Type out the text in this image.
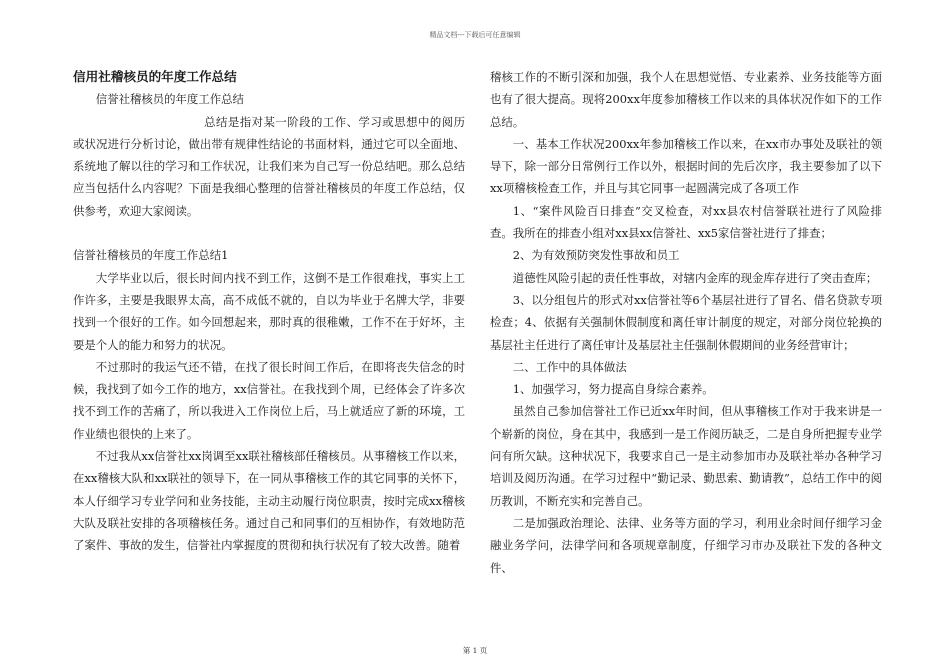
精品文档---下载后可任意编辑

信用社稽核员的年度工作总结

信誉社稽核员的年度工作总结

总结是指对某一阶段的工作、学习或思想中的阅历或状况进行分析讨论，做出带有规律性结论的书面材料，通过它可以全面地、系统地了解以往的学习和工作状况，让我们来为自己写一份总结吧。那么总结应当包括什么内容呢？下面是我细心整理的信誉社稽核员的年度工作总结，仅供参考，欢迎大家阅读。

信誉社稽核员的年度工作总结1

大学毕业以后，很长时间内找不到工作，这倒不是工作很难找，事实上工作许多，主要是我眼界太高，高不成低不就的，自以为毕业于名牌大学，非要找到一个很好的工作。如今回想起来，那时真的很稚嫩，工作不在于好坏，主要是个人的能力和努力的状况。

不过那时的我运气还不错，在找了很长时间工作后，在即将丧失信念的时候，我找到了如今工作的地方，xx信誉社。在我找到个周，已经体会了许多次找不到工作的苦痛了，所以我进入工作岗位上后，马上就适应了新的环境，工作业绩也很快的上来了。

不过我从xx信誉社xx岗调至xx联社稽核部任稽核员。从事稽核工作以来，在xx稽核大队和xx联社的领导下，在一同从事稽核工作的其它同事的关怀下，本人仔细学习专业学问和业务技能，主动主动履行岗位职责，按时完成xx稽核大队及联社安排的各项稽核任务。通过自己和同事们的互相协作，有效地防范了案件、事故的发生，信誉社内掌握度的贯彻和执行状况有了较大改善。随着

稽核工作的不断引深和加强，我个人在思想觉悟、专业素养、业务技能等方面也有了很大提高。现将200xx年度参加稽核工作以来的具体状况作如下的工作总结。

一、基本工作状况200xx年参加稽核工作以来，在xx市办事处及联社的领导下，除一部分日常例行工作以外，根据时间的先后次序，我主要参加了以下xx项稽核检查工作，并且与其它同事一起圆满完成了各项工作

1、“案件风险百日排查”交叉检查，对xx县农村信誉联社进行了风险排查。我所在的排查小组对xx县xx信誉社、xx5家信誉社进行了排查；

2、为有效预防突发性事故和员工

道德性风险引起的责任性事故，对辖内金库的现金库存进行了突击查库；

3、以分组包片的形式对xx信誉社等6个基层社进行了冒名、借名贷款专项检查；4、依据有关强制休假制度和离任审计制度的规定，对部分岗位轮换的基层社主任进行了离任审计及基层社主任强制休假期间的业务经营审计；

二、工作中的具体做法

1、加强学习，努力提高自身综合素养。

虽然自己参加信誉社工作已近xx年时间，但从事稽核工作对于我来讲是一个崭新的岗位，身在其中，我感到一是工作阅历缺乏，二是自身所把握专业学问有所欠缺。这种状况下，我要求自己一是主动参加市办及联社举办各种学习培训及阅历沟通。在学习过程中“勤记录、勤思索、勤请教”，总结工作中的阅历教训，不断充实和完善自己。

二是加强政治理论、法律、业务等方面的学习，利用业余时间仔细学习金融业务学问，法律学问和各项规章制度，仔细学习市办及联社下发的各种文件、

第 1 页
